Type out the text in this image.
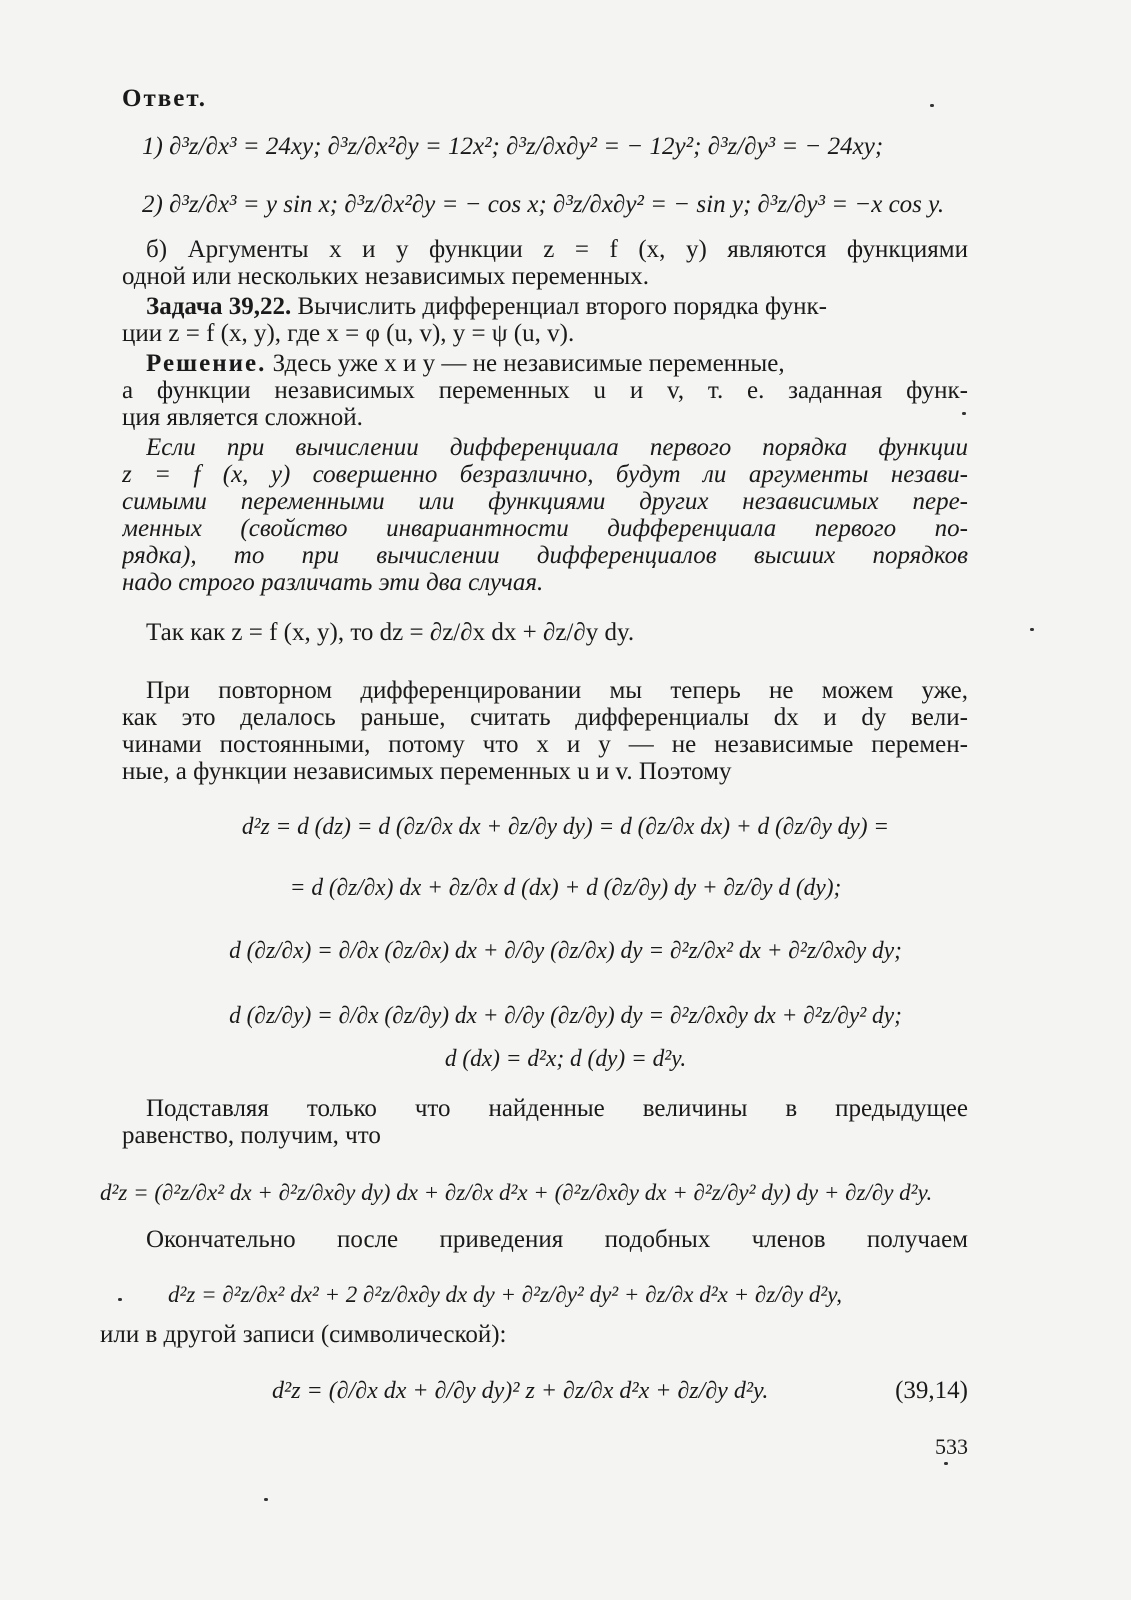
Ответ.
1) ∂³z/∂x³ = 24xy; ∂³z/∂x²∂y = 12x²; ∂³z/∂x∂y² = − 12y²; ∂³z/∂y³ = − 24xy;
2) ∂³z/∂x³ = y sin x; ∂³z/∂x²∂y = − cos x; ∂³z/∂x∂y² = − sin y; ∂³z/∂y³ = −x cos y.
б) Аргументы x и y функции z = f (x, y) являются функциями
одной или нескольких независимых переменных.
Задача 39,22. Вычислить дифференциал второго порядка функ-
ции z = f (x, y), где x = φ (u, v), y = ψ (u, v).
Решение. Здесь уже x и y — не независимые переменные,
а функции независимых переменных u и v, т. е. заданная функ-
ция является сложной.
Если при вычислении дифференциала первого порядка функции
z = f (x, y) совершенно безразлично, будут ли аргументы незави-
симыми переменными или функциями других независимых пере-
менных (свойство инвариантности дифференциала первого по-
рядка), то при вычислении дифференциалов высших порядков
надо строго различать эти два случая.
Так как z = f (x, y), то dz = ∂z/∂x dx + ∂z/∂y dy.
При повторном дифференцировании мы теперь не можем уже,
как это делалось раньше, считать дифференциалы dx и dy вели-
чинами постоянными, потому что x и y — не независимые перемен-
ные, а функции независимых переменных u и v. Поэтому
d²z = d (dz) = d (∂z/∂x dx + ∂z/∂y dy) = d (∂z/∂x dx) + d (∂z/∂y dy) =
= d (∂z/∂x) dx + ∂z/∂x d (dx) + d (∂z/∂y) dy + ∂z/∂y d (dy);
d (∂z/∂x) = ∂/∂x (∂z/∂x) dx + ∂/∂y (∂z/∂x) dy = ∂²z/∂x² dx + ∂²z/∂x∂y dy;
d (∂z/∂y) = ∂/∂x (∂z/∂y) dx + ∂/∂y (∂z/∂y) dy = ∂²z/∂x∂y dx + ∂²z/∂y² dy;
d (dx) = d²x; d (dy) = d²y.
Подставляя только что найденные величины в предыдущее
равенство, получим, что
d²z = (∂²z/∂x² dx + ∂²z/∂x∂y dy) dx + ∂z/∂x d²x + (∂²z/∂x∂y dx + ∂²z/∂y² dy) dy + ∂z/∂y d²y.
Окончательно после приведения подобных членов получаем
d²z = ∂²z/∂x² dx² + 2 ∂²z/∂x∂y dx dy + ∂²z/∂y² dy² + ∂z/∂x d²x + ∂z/∂y d²y,
или в другой записи (символической):
d²z = (∂/∂x dx + ∂/∂y dy)² z + ∂z/∂x d²x + ∂z/∂y d²y.	(39,14)
533
